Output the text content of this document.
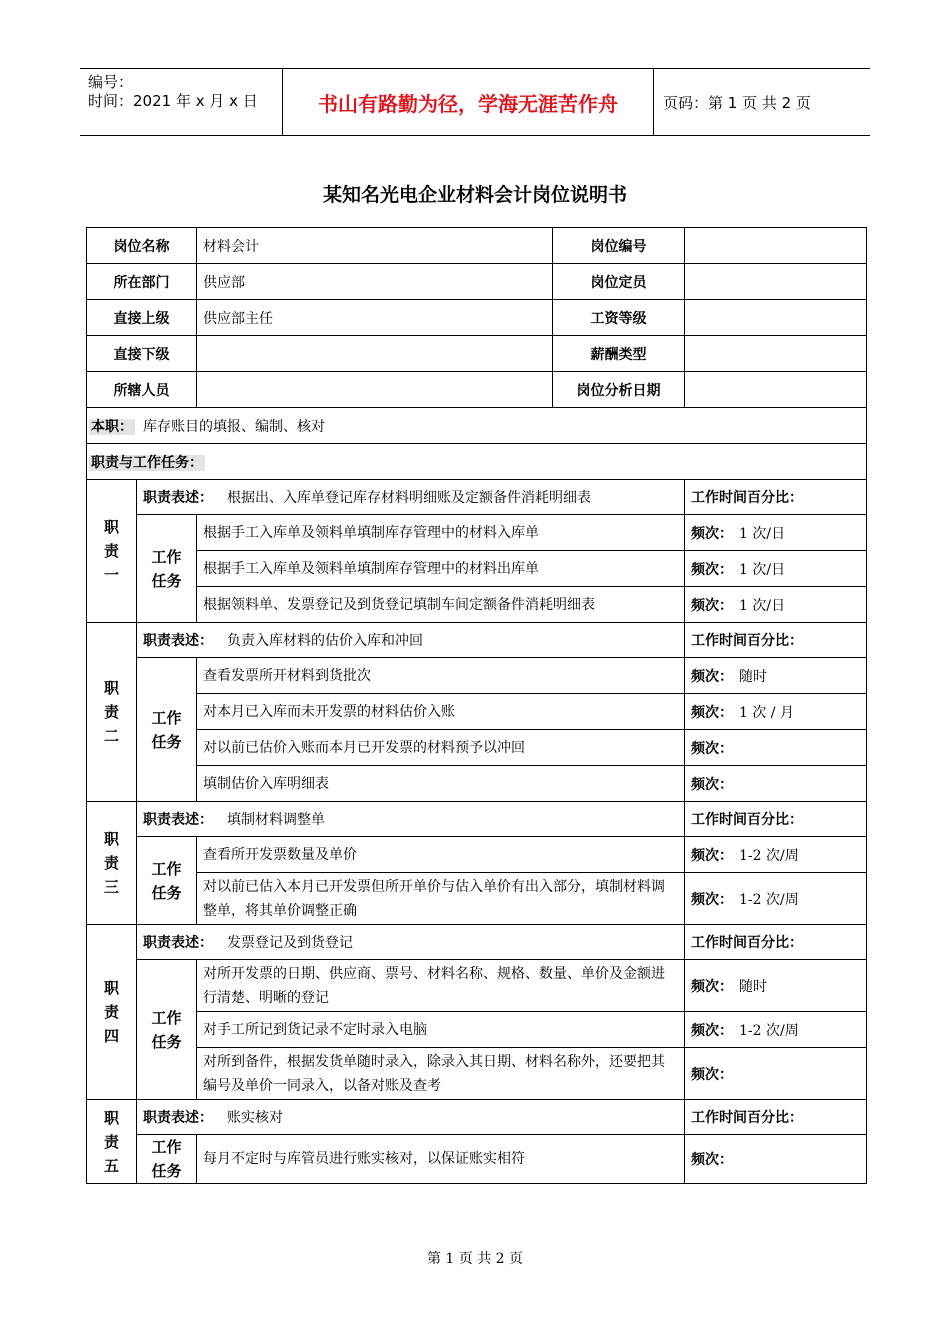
编号：
时间：2021 年 x 月 x 日	书山有路勤为径，学海无涯苦作舟	页码：第 1 页 共 2 页
某知名光电企业材料会计岗位说明书
岗位名称		材料会计	岗位编号	
所在部门		供应部	岗位定员	
直接上级		供应部主任	工资等级	
直接下级			薪酬类型	
所辖人员			岗位分析日期	
本职： 库存账目的填报、编制、核对				
职责与工作任务：				

职
责
一	职责表述： 根据出、入库单登记库存材料明细账及定额备件消耗明细表			工作时间百分比：

	工作
任务	根据手工入库单及领料单填制库存管理中的材料入库单		频次： 1 次/日
		根据手工入库单及领料单填制库存管理中的材料出库单		频次： 1 次/日
		根据领料单、发票登记及到货登记填制车间定额备件消耗明细表		频次： 1 次/日

职
责
二	职责表述： 负责入库材料的估价入库和冲回			工作时间百分比：

	工作
任务	查看发票所开材料到货批次		频次： 随时
		对本月已入库而未开发票的材料估价入账		频次： 1 次 / 月
		对以前已估价入账而本月已开发票的材料预予以冲回		频次：
		填制估价入库明细表		频次：

职
责
三	职责表述： 填制材料调整单			工作时间百分比：

	工作
任务	查看所开发票数量及单价		频次： 1-2 次/周
		对以前已估入本月已开发票但所开单价与估入单价有出入部分，填制材料调整单，将其单价调整正确		频次： 1-2 次/周

职
责
四	职责表述： 发票登记及到货登记			工作时间百分比：

	工作
任务	对所开发票的日期、供应商、票号、材料名称、规格、数量、单价及金额进行清楚、明晰的登记		频次： 随时
		对手工所记到货记录不定时录入电脑		频次： 1-2 次/周
		对所到备件，根据发货单随时录入，除录入其日期、材料名称外，还要把其编号及单价一同录入，以备对账及查考		频次：

职
责
五	职责表述： 账实核对			工作时间百分比：

	工作
任务	每月不定时与库管员进行账实核对，以保证账实相符		频次：
第 1 页 共 2 页
